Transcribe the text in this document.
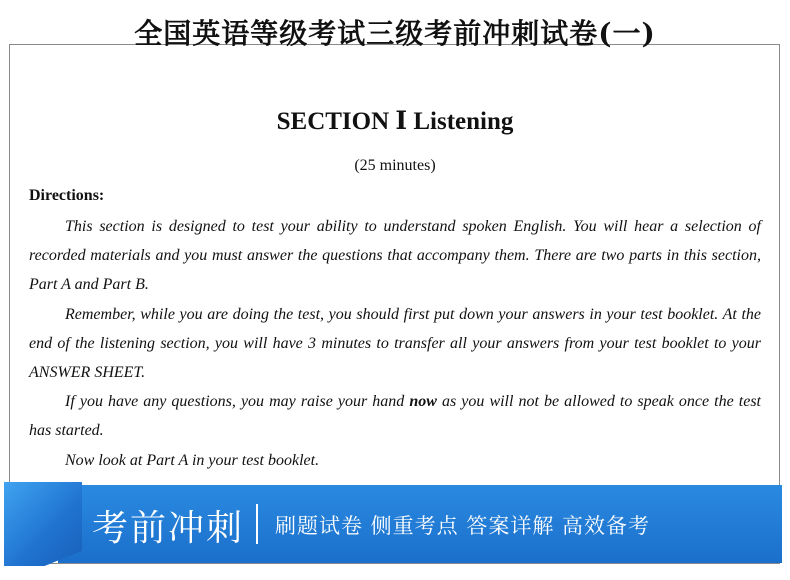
全国英语等级考试三级考前冲刺试卷(一)
SECTION Ⅰ Listening
(25 minutes)
Directions:

This section is designed to test your ability to understand spoken English. You will hear a selection of recorded materials and you must answer the questions that accompany them. There are two parts in this section, Part A and Part B.

Remember, while you are doing the test, you should first put down your answers in your test booklet. At the end of the listening section, you will have 3 minutes to transfer all your answers from your test booklet to your ANSWER SHEET.

If you have any questions, you may raise your hand now as you will not be allowed to speak once the test has started.

Now look at Part A in your test booklet.

考前冲刺 刷题试卷 侧重考点 答案详解 高效备考
